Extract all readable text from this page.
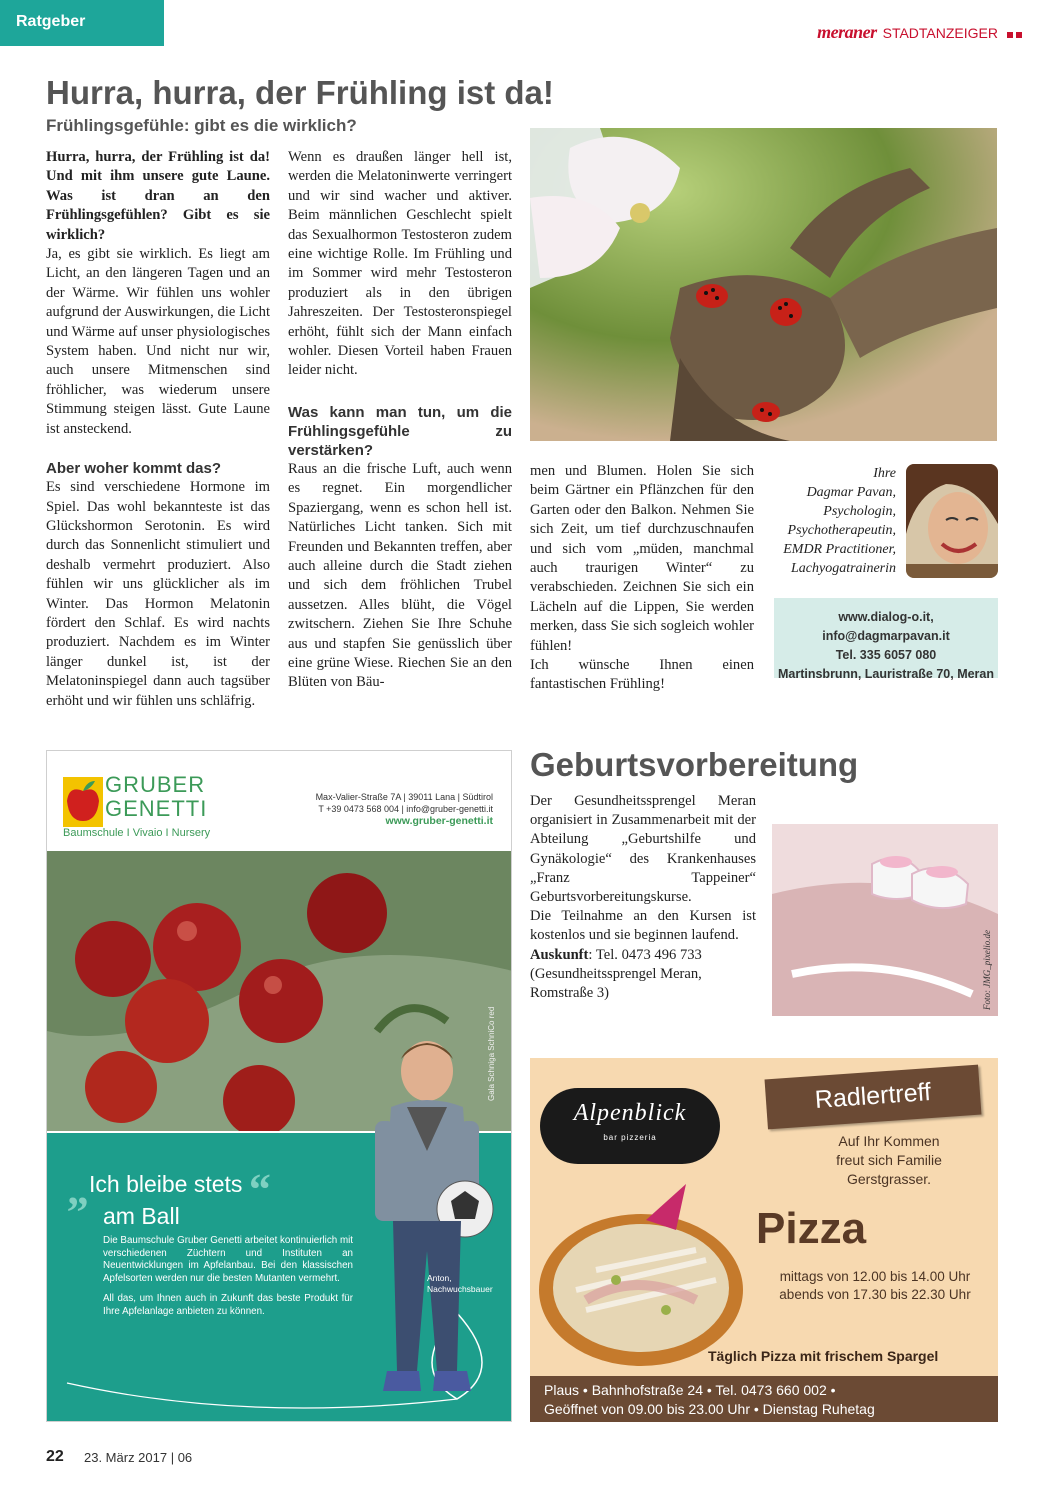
Ratgeber
meraner STADTANZEIGER
Hurra, hurra, der Frühling ist da!
Frühlingsgefühle: gibt es die wirklich?

Hurra, hurra, der Frühling ist da! Und mit ihm unsere gute Laune. Was ist dran an den Frühlingsgefühlen? Gibt es sie wirklich?

Ja, es gibt sie wirklich. Es liegt am Licht, an den längeren Tagen und an der Wärme. Wir fühlen uns wohler aufgrund der Auswirkungen, die Licht und Wärme auf unser physiologisches System haben. Und nicht nur wir, auch unsere Mitmenschen sind fröhlicher, was wiederum unsere Stimmung steigen lässt. Gute Laune ist ansteckend.

Aber woher kommt das?

Es sind verschiedene Hormone im Spiel. Das wohl bekannteste ist das Glückshormon Serotonin. Es wird durch das Sonnenlicht stimuliert und deshalb vermehrt produziert. Also fühlen wir uns glücklicher als im Winter. Das Hormon Melatonin fördert den Schlaf. Es wird nachts produziert. Nachdem es im Winter länger dunkel ist, ist der Melatoninspiegel dann auch tagsüber erhöht und wir fühlen uns schläfrig.

Wenn es draußen länger hell ist, werden die Melatoninwerte verringert und wir sind wacher und aktiver. Beim männlichen Geschlecht spielt das Sexualhormon Testosteron zudem eine wichtige Rolle. Im Frühling und im Sommer wird mehr Testosteron produziert als in den übrigen Jahreszeiten. Der Testosteronspiegel erhöht, fühlt sich der Mann einfach wohler. Diesen Vorteil haben Frauen leider nicht.

Was kann man tun, um die Frühlingsgefühle zu verstärken?

Raus an die frische Luft, auch wenn es regnet. Ein morgendlicher Spaziergang, wenn es schon hell ist. Natürliches Licht tanken. Sich mit Freunden und Bekannten treffen, aber auch alleine durch die Stadt ziehen und sich dem fröhlichen Trubel aussetzen. Alles blüht, die Vögel zwitschern. Ziehen Sie Ihre Schuhe aus und stapfen Sie genüsslich über eine grüne Wiese. Riechen Sie an den Blüten von Bäu-

men und Blumen. Holen Sie sich beim Gärtner ein Pflänzchen für den Garten oder den Balkon. Nehmen Sie sich Zeit, um tief durchzuschnaufen und sich vom „müden, manchmal auch traurigen Winter“ zu verabschieden. Zeichnen Sie sich ein Lächeln auf die Lippen, Sie werden merken, dass Sie sich sogleich wohler fühlen!

Ich wünsche Ihnen einen fantastischen Frühling!

Ihre
Dagmar Pavan,
Psychologin,
Psychotherapeutin,
EMDR Practitioner,
Lachyogatrainerin
www.dialog-o.it, info@dagmarpavan.it
Tel. 335 6057 080
Martinsbrunn, Lauristraße 70, Meran
GRUBER
GENETTI
Baumschule I Vivaio I Nursery
Max-Valier-Straße 7A | 39011 Lana | Südtirol
T +39 0473 568 004 | info@gruber-genetti.it
www.gruber-genetti.it
„Ich bleibe stets “
am Ball

Die Baumschule Gruber Genetti arbeitet kontinuierlich mit verschiedenen Züchtern und Instituten an Neuentwicklungen im Apfelanbau. Bei den klassischen Apfelsorten werden nur die besten Mutanten vermehrt.

All das, um Ihnen auch in Zukunft das beste Produkt für Ihre Apfelanlage anbieten zu können.

Anton,
Nachwuchsbauer
Gala Schniga SchniCo red
Geburtsvorbereitung

Der Gesundheitssprengel Meran organisiert in Zusammenarbeit mit der Abteilung „Geburtshilfe und Gynäkologie“ des Krankenhauses „Franz Tappeiner“ Geburtsvorbereitungskurse.

Die Teilnahme an den Kursen ist kostenlos und sie beginnen laufend.

Auskunft: Tel. 0473 496 733 (Gesundheitssprengel Meran, Romstraße 3)	Foto: JMG_pixelio.de
Alpenblick
bar pizzeria
Radlertreff
Auf Ihr Kommen
freut sich Familie
Gerstgrasser.
Pizza
mittags von 12.00 bis 14.00 Uhr
abends von 17.30 bis 22.30 Uhr
Täglich Pizza mit frischem Spargel
Plaus • Bahnhofstraße 24 • Tel. 0473 660 002 •
Geöffnet von 09.00 bis 23.00 Uhr • Dienstag Ruhetag
22 23. März 2017 | 06
